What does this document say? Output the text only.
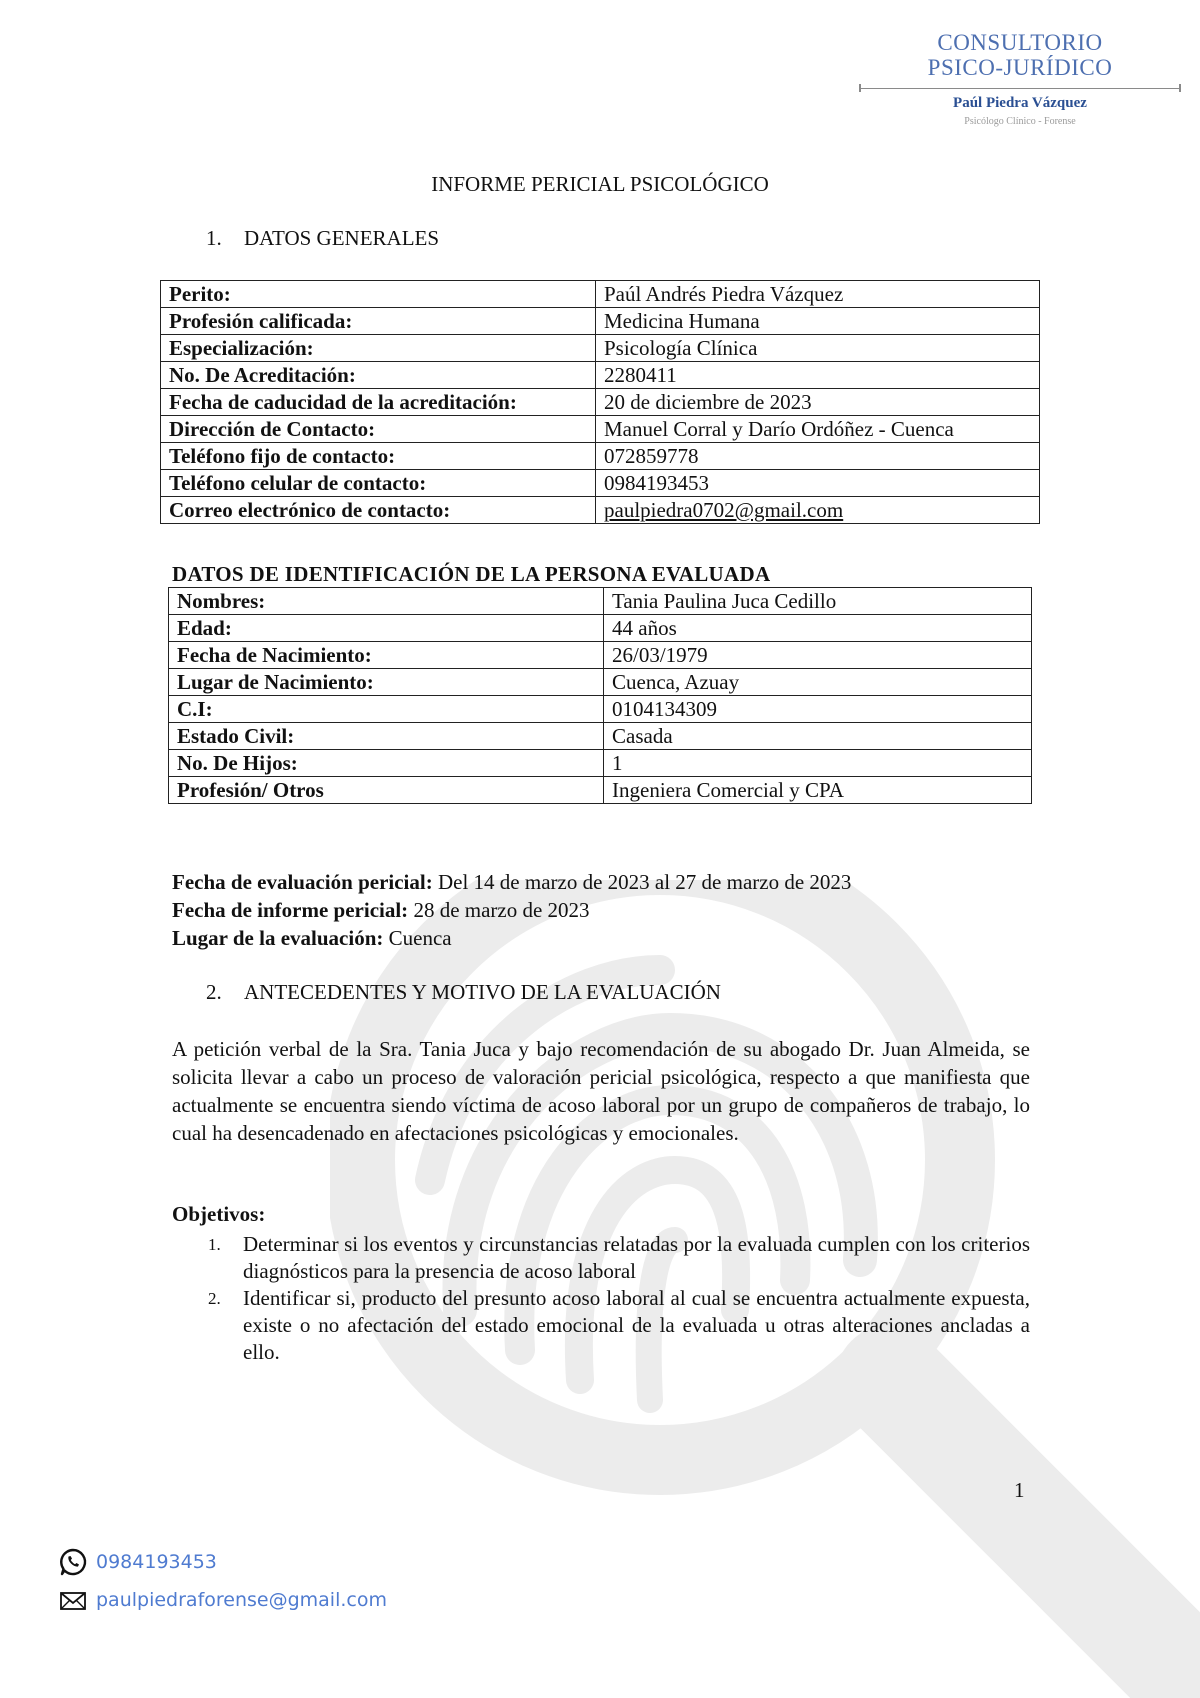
CONSULTORIO
PSICO-JURÍDICO
Paúl Piedra Vázquez
Psicólogo Clínico - Forense
INFORME PERICIAL PSICOLÓGICO
1. DATOS GENERALES
Perito:	Paúl Andrés Piedra Vázquez
Profesión calificada:	Medicina Humana
Especialización:	Psicología Clínica
No. De Acreditación:	2280411
Fecha de caducidad de la acreditación:	20 de diciembre de 2023
Dirección de Contacto:	Manuel Corral y Darío Ordóñez - Cuenca
Teléfono fijo de contacto:	072859778
Teléfono celular de contacto:	0984193453
Correo electrónico de contacto:	paulpiedra0702@gmail.com
DATOS DE IDENTIFICACIÓN DE LA PERSONA EVALUADA
Nombres:	Tania Paulina Juca Cedillo
Edad:	44 años
Fecha de Nacimiento:	26/03/1979
Lugar de Nacimiento:	Cuenca, Azuay
C.I:	0104134309
Estado Civil:	Casada
No. De Hijos:	1
Profesión/ Otros	Ingeniera Comercial y CPA
Fecha de evaluación pericial: Del 14 de marzo de 2023 al 27 de marzo de 2023
Fecha de informe pericial: 28 de marzo de 2023
Lugar de la evaluación: Cuenca
2. ANTECEDENTES Y MOTIVO DE LA EVALUACIÓN
A petición verbal de la Sra. Tania Juca y bajo recomendación de su abogado Dr. Juan Almeida, se solicita llevar a cabo un proceso de valoración pericial psicológica, respecto a que manifiesta que actualmente se encuentra siendo víctima de acoso laboral por un grupo de compañeros de trabajo, lo cual ha desencadenado en afectaciones psicológicas y emocionales.
Objetivos:
1. Determinar si los eventos y circunstancias relatadas por la evaluada cumplen con los criterios diagnósticos para la presencia de acoso laboral
2. Identificar si, producto del presunto acoso laboral al cual se encuentra actualmente expuesta, existe o no afectación del estado emocional de la evaluada u otras alteraciones ancladas a ello.
1
0984193453
paulpiedraforense@gmail.com
